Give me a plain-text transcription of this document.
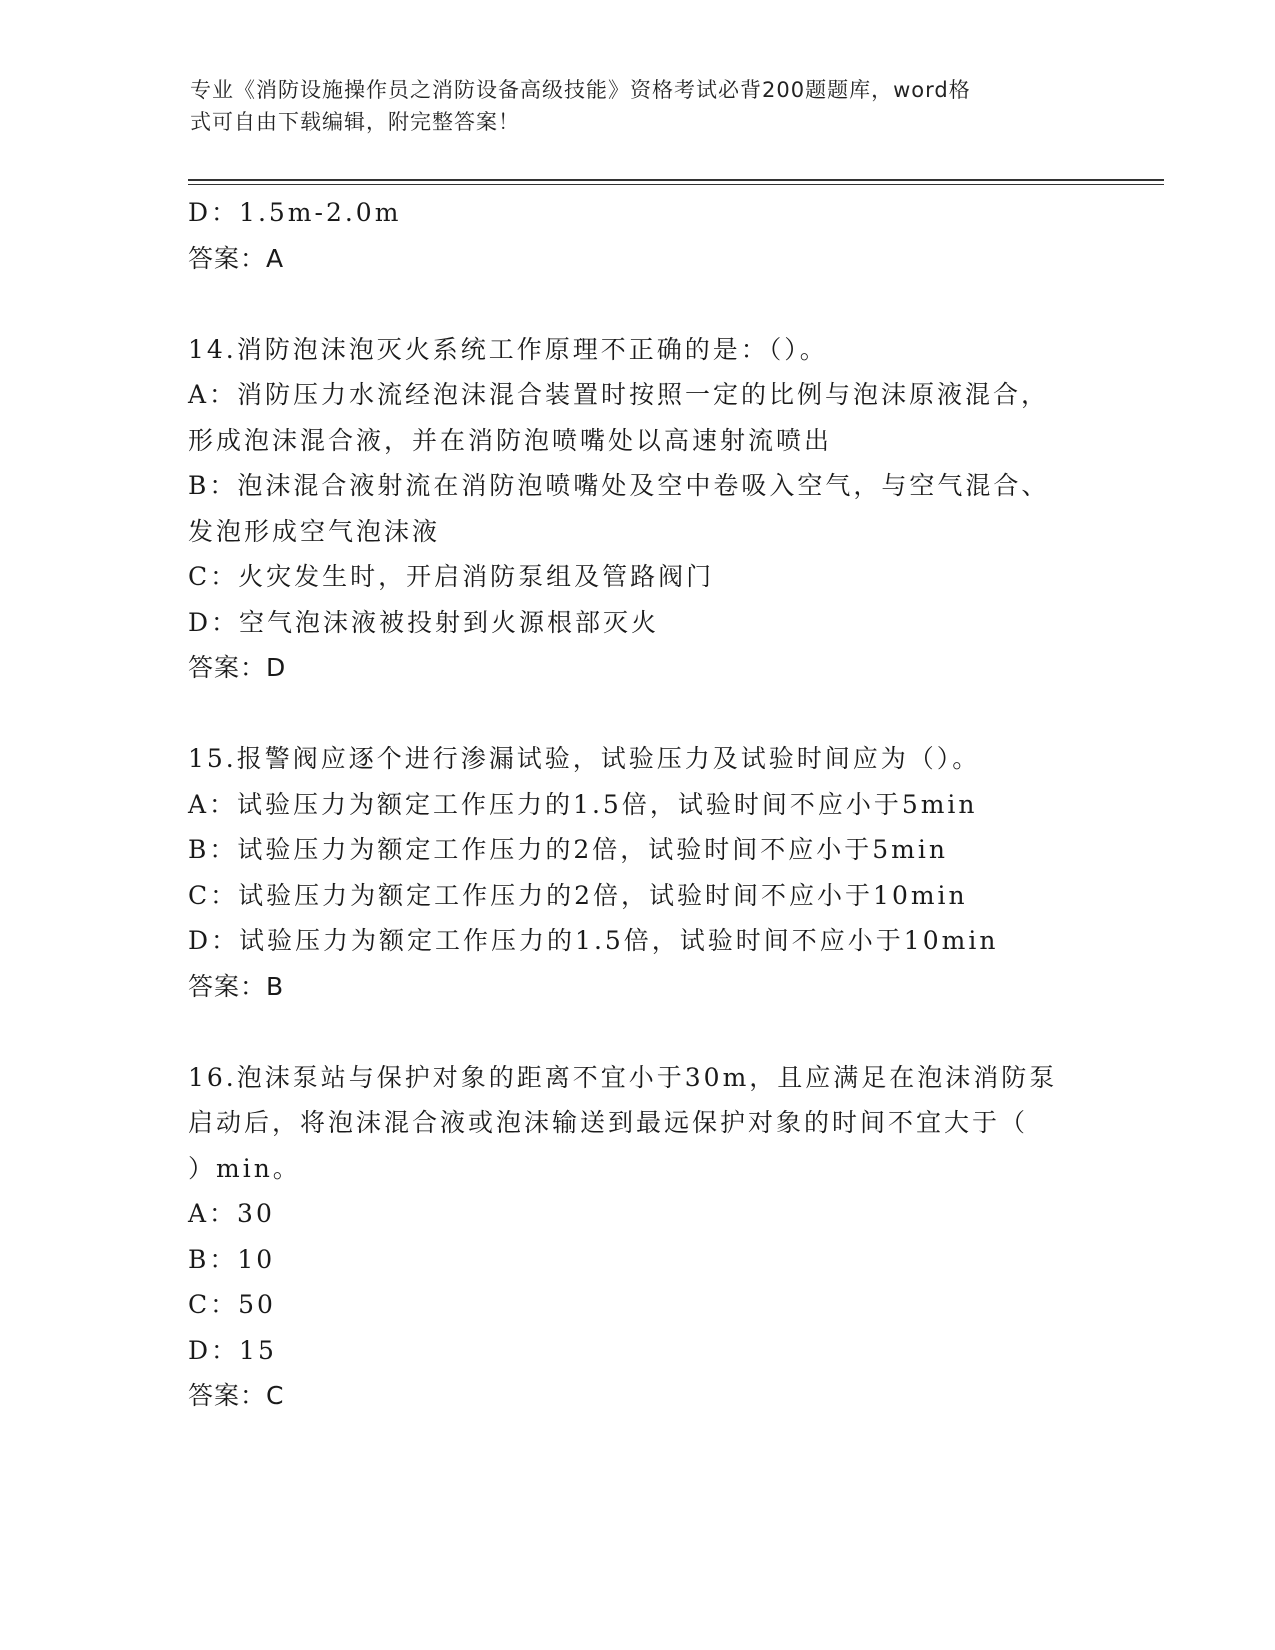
专业《消防设施操作员之消防设备高级技能》资格考试必背200题题库，word格
式可自由下载编辑，附完整答案！
D：1.5m-2.0m
答案：A
14.消防泡沫泡灭火系统工作原理不正确的是：（）。
A：消防压力水流经泡沫混合装置时按照一定的比例与泡沫原液混合，
形成泡沫混合液，并在消防泡喷嘴处以高速射流喷出
B：泡沫混合液射流在消防泡喷嘴处及空中卷吸入空气，与空气混合、
发泡形成空气泡沫液
C：火灾发生时，开启消防泵组及管路阀门
D：空气泡沫液被投射到火源根部灭火
答案：D
15.报警阀应逐个进行渗漏试验，试验压力及试验时间应为（）。
A：试验压力为额定工作压力的1.5倍，试验时间不应小于5min
B：试验压力为额定工作压力的2倍，试验时间不应小于5min
C：试验压力为额定工作压力的2倍，试验时间不应小于10min
D：试验压力为额定工作压力的1.5倍，试验时间不应小于10min
答案：B
16.泡沫泵站与保护对象的距离不宜小于30m，且应满足在泡沫消防泵
启动后，将泡沫混合液或泡沫输送到最远保护对象的时间不宜大于（
）min。
A：30
B：10
C：50
D：15
答案：C
